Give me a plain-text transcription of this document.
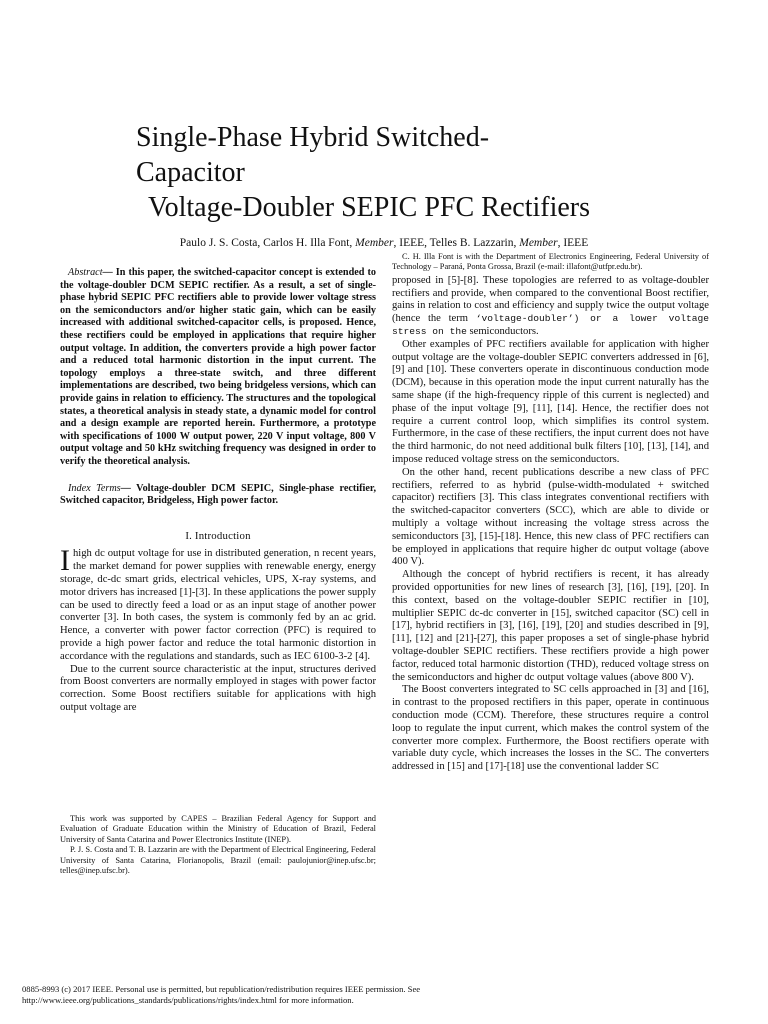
Single-Phase Hybrid Switched-
Capacitor
Voltage-Doubler SEPIC PFC Rectifiers
Paulo J. S. Costa, Carlos H. Illa Font, Member, IEEE, Telles B. Lazzarin, Member, IEEE

Abstract— In this paper, the switched-capacitor concept is extended to the voltage-doubler DCM SEPIC rectifier. As a result, a set of single-phase hybrid SEPIC PFC rectifiers able to provide lower voltage stress on the semiconductors and/or higher static gain, which can be easily increased with additional switched-capacitor cells, is proposed. Hence, these rectifiers could be employed in applications that require higher output voltage. In addition, the converters provide a high power factor and a reduced total harmonic distortion in the input current. The topology employs a three-state switch, and three different implementations are described, two being bridgeless versions, which can provide gains in relation to efficiency. The structures and the topological states, a theoretical analysis in steady state, a dynamic model for control and a design example are reported herein. Furthermore, a prototype with specifications of 1000 W output power, 220 V input voltage, 800 V output voltage and 50 kHz switching frequency was designed in order to verify the theoretical analysis.

Index Terms— Voltage-doubler DCM SEPIC, Single-phase rectifier, Switched capacitor, Bridgeless, High power factor.

I. Introduction

Ihigh dc output voltage for use in distributed generation, n recent years, the market demand for power supplies with renewable energy, energy storage, dc-dc smart grids, electrical vehicles, UPS, X-ray systems, and motor drivers has increased [1]-[3]. In these applications the power supply can be used to directly feed a load or as an input stage of another power converter [3]. In both cases, the system is commonly fed by an ac grid. Hence, a converter with power factor correction (PFC) is required to provide a high power factor and reduce the total harmonic distortion in accordance with the regulations and standards, such as IEC 6100-3-2 [4].

Due to the current source characteristic at the input, structures derived from Boost converters are normally employed in stages with power factor correction. Some Boost rectifiers suitable for applications with high output voltage are

This work was supported by CAPES – Brazilian Federal Agency for Support and Evaluation of Graduate Education within the Ministry of Education of Brazil, Federal University of Santa Catarina and Power Electronics Institute (INEP).

P. J. S. Costa and T. B. Lazzarin are with the Department of Electrical Engineering, Federal University of Santa Catarina, Florianopolis, Brazil (email: paulojunior@inep.ufsc.br; telles@inep.ufsc.br).

C. H. Illa Font is with the Department of Electronics Engineering, Federal University of Technology – Paraná, Ponta Grossa, Brazil (e-mail: illafont@utfpr.edu.br).

proposed in [5]-[8]. These topologies are referred to as voltage-doubler rectifiers and provide, when compared to the conventional Boost rectifier, gains in relation to cost and efficiency and supply twice the output voltage (hence the term ‘voltage-doubler’) or a lower voltage stress on the semiconductors.

Other examples of PFC rectifiers available for application with higher output voltage are the voltage-doubler SEPIC converters addressed in [6], [9] and [10]. These converters operate in discontinuous conduction mode (DCM), because in this operation mode the input current naturally has the same shape (if the high-frequency ripple of this current is neglected) and phase of the input voltage [9], [11], [14]. Hence, the rectifier does not require a current control loop, which simplifies its control system. Furthermore, in the case of these rectifiers, the input current does not have the third harmonic, do not need additional bulk filters [10], [13], [14], and impose reduced voltage stress on the semiconductors.

On the other hand, recent publications describe a new class of PFC rectifiers, referred to as hybrid (pulse-width-modulated + switched capacitor) rectifiers [3]. This class integrates conventional rectifiers with the switched-capacitor converters (SCC), which are able to divide or multiply a voltage without increasing the voltage stress across the semiconductors [3], [15]-[18]. Hence, this new class of PFC rectifiers can be employed in applications that require higher dc output voltage (above 400 V).

Although the concept of hybrid rectifiers is recent, it has already provided opportunities for new lines of research [3], [16], [19], [20]. In this context, based on the voltage-doubler SEPIC rectifier in [10], multiplier SEPIC dc-dc converter in [15], switched capacitor (SC) cell in [17], hybrid rectifiers in [3], [16], [19], [20] and studies described in [9], [11], [12] and [21]-[27], this paper proposes a set of single-phase hybrid voltage-doubler SEPIC rectifiers. These rectifiers provide a high power factor, reduced total harmonic distortion (THD), reduced voltage stress on the semiconductors and higher dc output voltage values (above 800 V).

The Boost converters integrated to SC cells approached in [3] and [16], in contrast to the proposed rectifiers in this paper, operate in continuous conduction mode (CCM). Therefore, these structures require a control loop to regulate the input current, which makes the control system of the converter more complex. Furthermore, the Boost rectifiers operate with variable duty cycle, which increases the losses in the SC. The converters addressed in [15] and [17]-[18] use the conventional ladder SC

0885-8993 (c) 2017 IEEE. Personal use is permitted, but republication/redistribution requires IEEE permission. See
http://www.ieee.org/publications_standards/publications/rights/index.html for more information.
